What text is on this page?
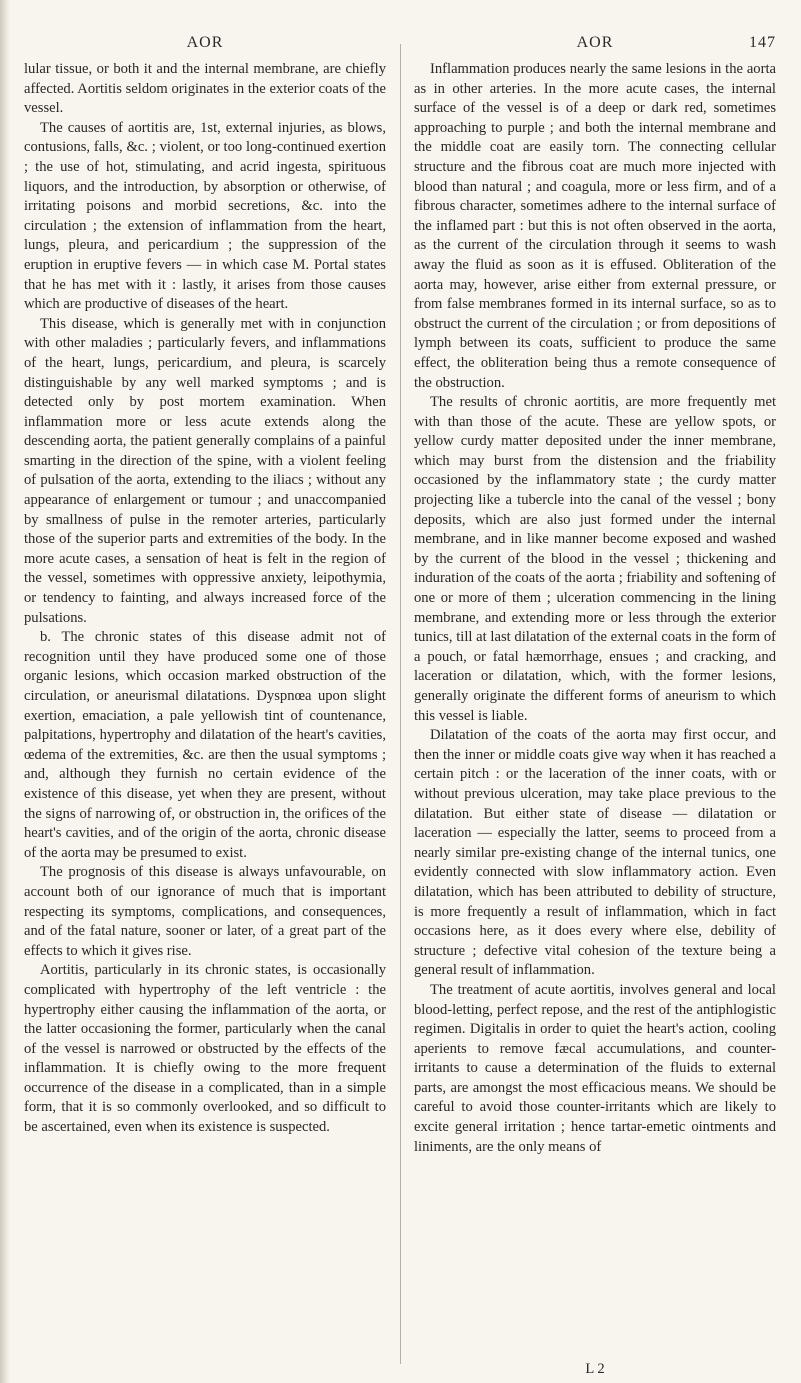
AOR	AOR	147

lular tissue, or both it and the internal membrane, are chiefly affected. Aortitis seldom originates in the exterior coats of the vessel.

The causes of aortitis are, 1st, external injuries, as blows, contusions, falls, &c. ; violent, or too long-continued exertion ; the use of hot, stimulating, and acrid ingesta, spirituous liquors, and the introduction, by absorption or otherwise, of irritating poisons and morbid secretions, &c. into the circulation ; the extension of inflammation from the heart, lungs, pleura, and pericardium ; the suppression of the eruption in eruptive fevers — in which case M. Portal states that he has met with it : lastly, it arises from those causes which are productive of diseases of the heart.

This disease, which is generally met with in conjunction with other maladies ; particularly fevers, and inflammations of the heart, lungs, pericardium, and pleura, is scarcely distinguishable by any well marked symptoms ; and is detected only by post mortem examination. When inflammation more or less acute extends along the descending aorta, the patient generally complains of a painful smarting in the direction of the spine, with a violent feeling of pulsation of the aorta, extending to the iliacs ; without any appearance of enlargement or tumour ; and unaccompanied by smallness of pulse in the remoter arteries, particularly those of the superior parts and extremities of the body. In the more acute cases, a sensation of heat is felt in the region of the vessel, sometimes with oppressive anxiety, leipothymia, or tendency to fainting, and always increased force of the pulsations.

b. The chronic states of this disease admit not of recognition until they have produced some one of those organic lesions, which occasion marked obstruction of the circulation, or aneurismal dilatations. Dyspnœa upon slight exertion, emaciation, a pale yellowish tint of countenance, palpitations, hypertrophy and dilatation of the heart's cavities, œdema of the extremities, &c. are then the usual symptoms ; and, although they furnish no certain evidence of the existence of this disease, yet when they are present, without the signs of narrowing of, or obstruction in, the orifices of the heart's cavities, and of the origin of the aorta, chronic disease of the aorta may be presumed to exist.

The prognosis of this disease is always unfavourable, on account both of our ignorance of much that is important respecting its symptoms, complications, and consequences, and of the fatal nature, sooner or later, of a great part of the effects to which it gives rise.

Aortitis, particularly in its chronic states, is occasionally complicated with hypertrophy of the left ventricle : the hypertrophy either causing the inflammation of the aorta, or the latter occasioning the former, particularly when the canal of the vessel is narrowed or obstructed by the effects of the inflammation. It is chiefly owing to the more frequent occurrence of the disease in a complicated, than in a simple form, that it is so commonly overlooked, and so difficult to be ascertained, even when its existence is suspected.

Inflammation produces nearly the same lesions in the aorta as in other arteries. In the more acute cases, the internal surface of the vessel is of a deep or dark red, sometimes approaching to purple ; and both the internal membrane and the middle coat are easily torn. The connecting cellular structure and the fibrous coat are much more injected with blood than natural ; and coagula, more or less firm, and of a fibrous character, sometimes adhere to the internal surface of the inflamed part : but this is not often observed in the aorta, as the current of the circulation through it seems to wash away the fluid as soon as it is effused. Obliteration of the aorta may, however, arise either from external pressure, or from false membranes formed in its internal surface, so as to obstruct the current of the circulation ; or from depositions of lymph between its coats, sufficient to produce the same effect, the obliteration being thus a remote consequence of the obstruction.

The results of chronic aortitis, are more frequently met with than those of the acute. These are yellow spots, or yellow curdy matter deposited under the inner membrane, which may burst from the distension and the friability occasioned by the inflammatory state ; the curdy matter projecting like a tubercle into the canal of the vessel ; bony deposits, which are also just formed under the internal membrane, and in like manner become exposed and washed by the current of the blood in the vessel ; thickening and induration of the coats of the aorta ; friability and softening of one or more of them ; ulceration commencing in the lining membrane, and extending more or less through the exterior tunics, till at last dilatation of the external coats in the form of a pouch, or fatal hæmorrhage, ensues ; and cracking, and laceration or dilatation, which, with the former lesions, generally originate the different forms of aneurism to which this vessel is liable.

Dilatation of the coats of the aorta may first occur, and then the inner or middle coats give way when it has reached a certain pitch : or the laceration of the inner coats, with or without previous ulceration, may take place previous to the dilatation. But either state of disease — dilatation or laceration — especially the latter, seems to proceed from a nearly similar pre-existing change of the internal tunics, one evidently connected with slow inflammatory action. Even dilatation, which has been attributed to debility of structure, is more frequently a result of inflammation, which in fact occasions here, as it does every where else, debility of structure ; defective vital cohesion of the texture being a general result of inflammation.

The treatment of acute aortitis, involves general and local blood-letting, perfect repose, and the rest of the antiphlogistic regimen. Digitalis in order to quiet the heart's action, cooling aperients to remove fæcal accumulations, and counter-irritants to cause a determination of the fluids to external parts, are amongst the most efficacious means. We should be careful to avoid those counter-irritants which are likely to excite general irritation ; hence tartar-emetic ointments and liniments, are the only means of

L 2
